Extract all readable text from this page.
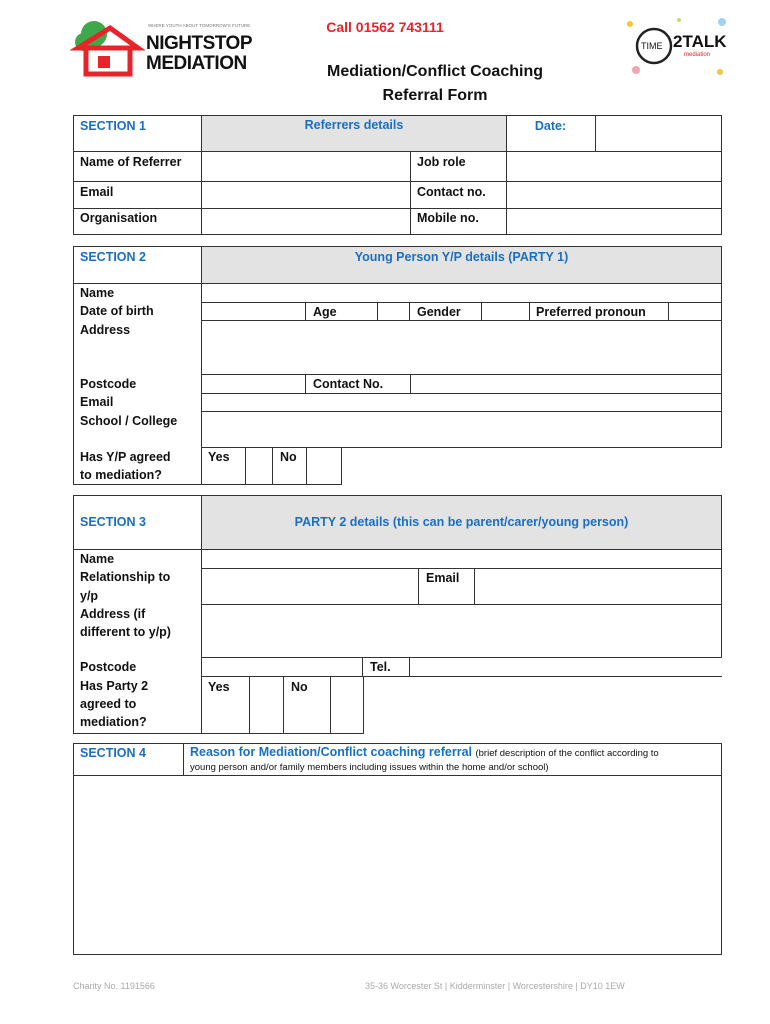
Call 01562 743111
WHERE YOUTH ABOUT TOMORROW'S FUTURE
NIGHTSTOP
MEDIATION
TIME 2TALK
mediation
Mediation/Conflict Coaching
Referral Form
SECTION 1	Referrers details	Date:
Name of Referrer	Job role
Email	Contact no.
Organisation	Mobile no.
SECTION 2	Young Person Y/P details (PARTY 1)
Name
Date of birth	Age	Gender	Preferred pronoun
Address
Postcode	Contact No.
Email
School / College
Has Y/P agreed
to mediation?
Yes	No
SECTION 3	PARTY 2 details (this can be parent/carer/young person)
Name
Relationship to
y/p
Email
Address (if
different to y/p)
Postcode	Tel.
Has Party 2
agreed to
mediation?
Yes	No
SECTION 4	Reason for Mediation/Conflict coaching referral (brief description of the conflict according to
young person and/or family members including issues within the home and/or school)
Charity No. 1191566	35-36 Worcester St | Kidderminster | Worcestershire | DY10 1EW
